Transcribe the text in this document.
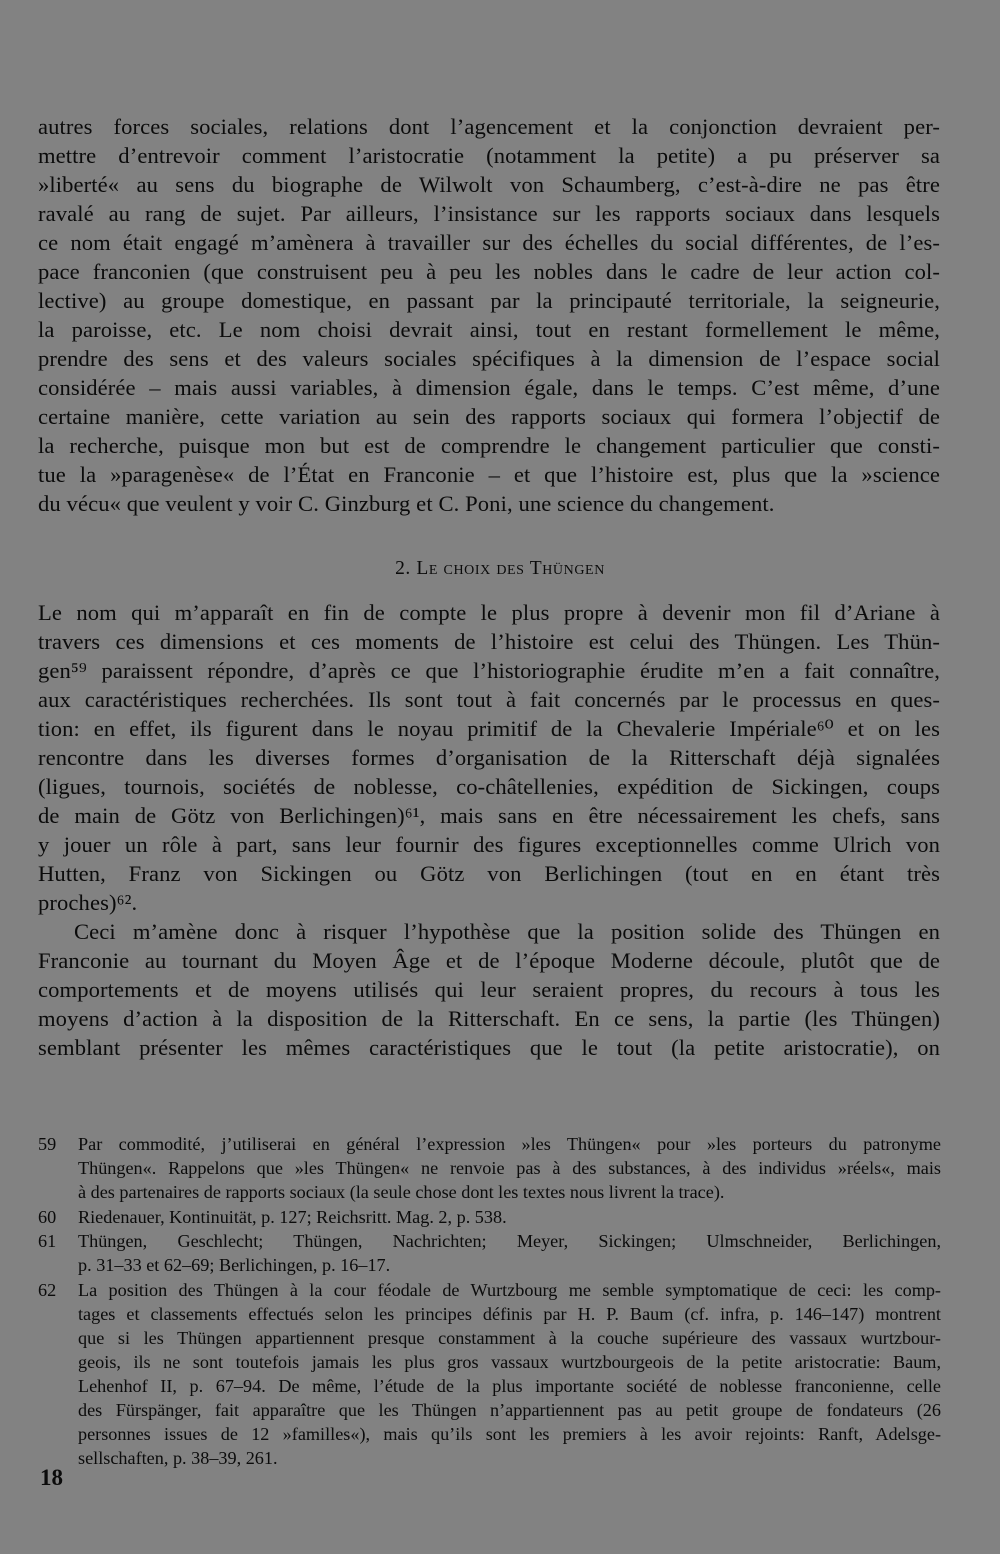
autres forces sociales, relations dont l’agencement et la conjonction devraient per-
mettre d’entrevoir comment l’aristocratie (notamment la petite) a pu préserver sa
»liberté« au sens du biographe de Wilwolt von Schaumberg, c’est-à-dire ne pas être
ravalé au rang de sujet. Par ailleurs, l’insistance sur les rapports sociaux dans lesquels
ce nom était engagé m’amènera à travailler sur des échelles du social différentes, de l’es-
pace franconien (que construisent peu à peu les nobles dans le cadre de leur action col-
lective) au groupe domestique, en passant par la principauté territoriale, la seigneurie,
la paroisse, etc. Le nom choisi devrait ainsi, tout en restant formellement le même,
prendre des sens et des valeurs sociales spécifiques à la dimension de l’espace social
considérée – mais aussi variables, à dimension égale, dans le temps. C’est même, d’une
certaine manière, cette variation au sein des rapports sociaux qui formera l’objectif de
la recherche, puisque mon but est de comprendre le changement particulier que consti-
tue la »paragenèse« de l’État en Franconie – et que l’histoire est, plus que la »science
du vécu« que veulent y voir C. Ginzburg et C. Poni, une science du changement.
2. Le choix des Thüngen
Le nom qui m’apparaît en fin de compte le plus propre à devenir mon fil d’Ariane à
travers ces dimensions et ces moments de l’histoire est celui des Thüngen. Les Thün-
gen⁵⁹ paraissent répondre, d’après ce que l’historiographie érudite m’en a fait connaître,
aux caractéristiques recherchées. Ils sont tout à fait concernés par le processus en ques-
tion: en effet, ils figurent dans le noyau primitif de la Chevalerie Impériale⁶⁰ et on les
rencontre dans les diverses formes d’organisation de la Ritterschaft déjà signalées
(ligues, tournois, sociétés de noblesse, co-châtellenies, expédition de Sickingen, coups
de main de Götz von Berlichingen)⁶¹, mais sans en être nécessairement les chefs, sans
y jouer un rôle à part, sans leur fournir des figures exceptionnelles comme Ulrich von
Hutten, Franz von Sickingen ou Götz von Berlichingen (tout en en étant très
proches)⁶².
Ceci m’amène donc à risquer l’hypothèse que la position solide des Thüngen en
Franconie au tournant du Moyen Âge et de l’époque Moderne découle, plutôt que de
comportements et de moyens utilisés qui leur seraient propres, du recours à tous les
moyens d’action à la disposition de la Ritterschaft. En ce sens, la partie (les Thüngen)
semblant présenter les mêmes caractéristiques que le tout (la petite aristocratie), on
59 Par commodité, j’utiliserai en général l’expression »les Thüngen« pour »les porteurs du patronyme
Thüngen«. Rappelons que »les Thüngen« ne renvoie pas à des substances, à des individus »réels«, mais
à des partenaires de rapports sociaux (la seule chose dont les textes nous livrent la trace).
60 Riedenauer, Kontinuität, p. 127; Reichsritt. Mag. 2, p. 538.
61 Thüngen, Geschlecht; Thüngen, Nachrichten; Meyer, Sickingen; Ulmschneider, Berlichingen,
p. 31–33 et 62–69; Berlichingen, p. 16–17.
62 La position des Thüngen à la cour féodale de Wurtzbourg me semble symptomatique de ceci: les comp-
tages et classements effectués selon les principes définis par H. P. Baum (cf. infra, p. 146–147) montrent
que si les Thüngen appartiennent presque constamment à la couche supérieure des vassaux wurtzbour-
geois, ils ne sont toutefois jamais les plus gros vassaux wurtzbourgeois de la petite aristocratie: Baum,
Lehenhof II, p. 67–94. De même, l’étude de la plus importante société de noblesse franconienne, celle
des Fürspänger, fait apparaître que les Thüngen n’appartiennent pas au petit groupe de fondateurs (26
personnes issues de 12 »familles«), mais qu’ils sont les premiers à les avoir rejoints: Ranft, Adelsge-
sellschaften, p. 38–39, 261.
18
